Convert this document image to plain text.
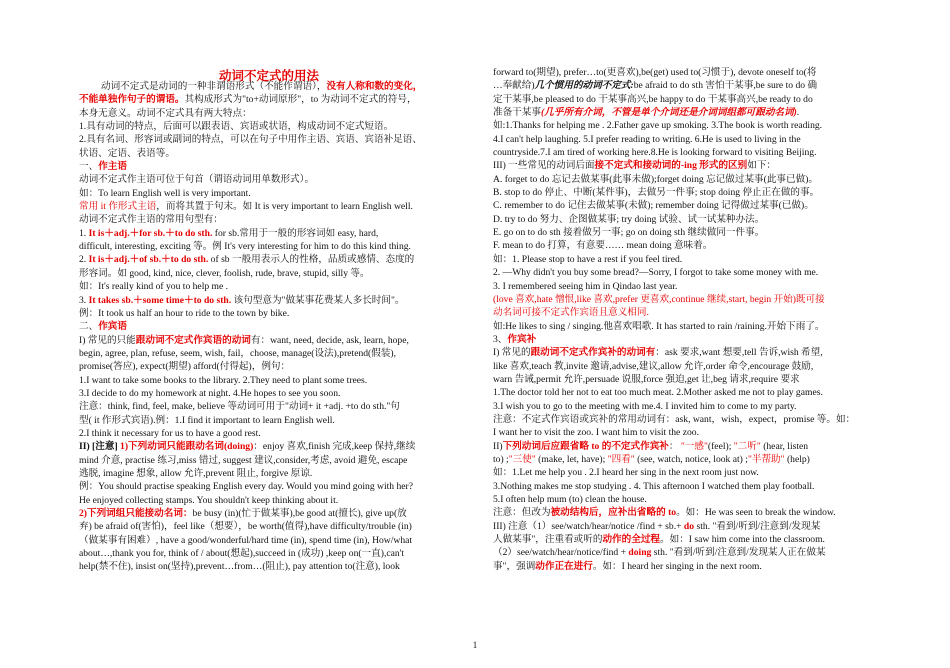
动词不定式的用法
动词不定式是动词的一种非谓语形式（不能作谓语），没有人称和数的变化，
不能单独作句子的谓语。其构成形式为"to+动词原形"，to 为动词不定式的符号，
本身无意义。动词不定式具有两大特点：
1.具有动词的特点，后面可以跟表语、宾语或状语，构成动词不定式短语。
2.具有名词、形容词或副词的特点，可以在句子中用作主语、宾语、宾语补足语、
状语、定语、表语等。
一、作主语
动词不定式作主语可位于句首（谓语动词用单数形式）。
如：To learn English well is very important.
常用 it 作形式主语，而将其置于句末。如 It is very important to learn English well.
动词不定式作主语的常用句型有：
1. It is＋adj.＋for sb.＋to do sth. for sb.常用于一般的形容词如 easy, hard,
difficult, interesting, exciting 等。例 It's very interesting for him to do this kind thing.
2. It is＋adj.＋of sb.＋to do sth. of sb 一般用表示人的性格，品质或感情、态度的
形容词。如 good, kind, nice, clever, foolish, rude, brave, stupid, silly 等。
如：It's really kind of you to help me .
3. It takes sb.＋some time＋to do sth. 该句型意为"做某事花费某人多长时间"。
例：It took us half an hour to ride to the town by bike.
二、作宾语
I) 常见的只能跟动词不定式作宾语的动词有：want, need, decide, ask, learn, hope,
begin, agree, plan, refuse, seem, wish, fail，choose, manage(设法),pretend(假装),
promise(答应), expect(期望) afford(付得起)，例句：
1.I want to take some books to the library. 2.They need to plant some trees.
3.I decide to do my homework at night. 4.He hopes to see you soon.
注意：think, find, feel, make, believe 等动词可用于"动词+ it +adj. +to do sth."句
型( it 作形式宾语).例：1.I find it important to learn English well.
2.I think it necessary for us to have a good rest.
II) [注意] 1)下列动词只能跟动名词(doing)：enjoy 喜欢,finish 完成,keep 保持,继续
mind 介意, practise 练习,miss 错过, suggest 建议,consider,考虑, avoid 避免, escape
逃脱, imagine 想象, allow 允许,prevent 阻止, forgive 原谅.
例：You should practise speaking English every day. Would you mind going with her?
He enjoyed collecting stamps. You shouldn't keep thinking about it.
2)下列词组只能接动名词：be busy (in)(忙于做某事),be good at(擅长), give up(放
弃) be afraid of(害怕)，feel like（想要），be worth(值得),have difficulty/trouble (in)
（做某事有困难）, have a good/wonderful/hard time (in), spend time (in), How/what
about…,thank you for, think of / about(想起),succeed in (成功) ,keep on(一直),can't
help(禁不住), insist on(坚持),prevent…from…(阻止), pay attention to(注意), look
forward to(期望), prefer…to(更喜欢),be(get) used to(习惯于), devote oneself to(将
…奉献给)几个惯用的动词不定式:be afraid to do sth 害怕干某事,be sure to do 确
定干某事,be pleased to do 干某事高兴,be happy to do 干某事高兴,be ready to do
准备干某事(几乎所有介词，不管是单个介词还是介词词组都可跟动名词).
如:1.Thanks for helping me . 2.Father gave up smoking. 3.The book is worth reading.
4.I can't help laughing. 5.I prefer reading to writing. 6.He is used to living in the
countryside.7.I am tired of working here.8.He is looking forward to visiting Beijing.
III) 一些常见的动词后面接不定式和接动词的-ing 形式的区别如下：
A. forget to do 忘记去做某事(此事未做);forget doing 忘记做过某事(此事已做)。
B. stop to do 停止、中断(某件事)，去做另一件事; stop doing 停止正在做的事。
C. remember to do 记住去做某事(未做); remember doing 记得做过某事(已做)。
D. try to do 努力、企图做某事; try doing 试验、试一试某种办法。
E. go on to do sth 接着做另一事; go on doing sth 继续做同一件事。
F. mean to do 打算，有意要…… mean doing 意味着。
如：1. Please stop to have a rest if you feel tired.
2. —Why didn't you buy some bread?—Sorry, I forgot to take some money with me.
3. I remembered seeing him in Qindao last year.
(love 喜欢,hate 憎恨,like 喜欢,prefer 更喜欢,continue 继续,start, begin 开始)既可接
动名词可接不定式作宾语且意义相同.
如:He likes to sing / singing.他喜欢唱歌. It has started to rain /raining.开始下雨了。
3、作宾补
I) 常见的跟动词不定式作宾补的动词有：ask 要求,want 想要,tell 告诉,wish 希望,
like 喜欢,teach 教,invite 邀请,advise,建议,allow 允许,order 命令,encourage 鼓励,
warn 告诫,permit 允许,persuade 说服,force 强迫,get 让,beg 请求,require 要求
1.The doctor told her not to eat too much meat. 2.Mother asked me not to play games.
3.I wish you to go to the meeting with me.4. I invited him to come to my party.
注意：不定式作宾语或宾补的常用动词有：ask, want，wish，expect，promise 等。如：
I want her to visit the zoo. I want him to visit the zoo.
II)下列动词后应跟省略 to 的不定式作宾补： "一感"(feel); "二听" (hear, listen
to) ;"三使" (make, let, have); "四看" (see, watch, notice, look at) ;"半帮助" (help)
如：1.Let me help you . 2.I heard her sing in the next room just now.
3.Nothing makes me stop studying . 4. This afternoon I watched them play football.
5.I often help mum (to) clean the house.
注意：但改为被动结构后，应补出省略的 to。如：He was seen to break the window.
III) 注意（1）see/watch/hear/notice /find + sb.+ do sth. "看到/听到/注意到/发现某
人做某事"，注重看或听的动作的全过程。如：I saw him come into the classroom.
（2）see/watch/hear/notice/find + doing sth. "看到/听到/注意到/发现某人正在做某
事"，强调动作正在进行。如：I heard her singing in the next room.
1
